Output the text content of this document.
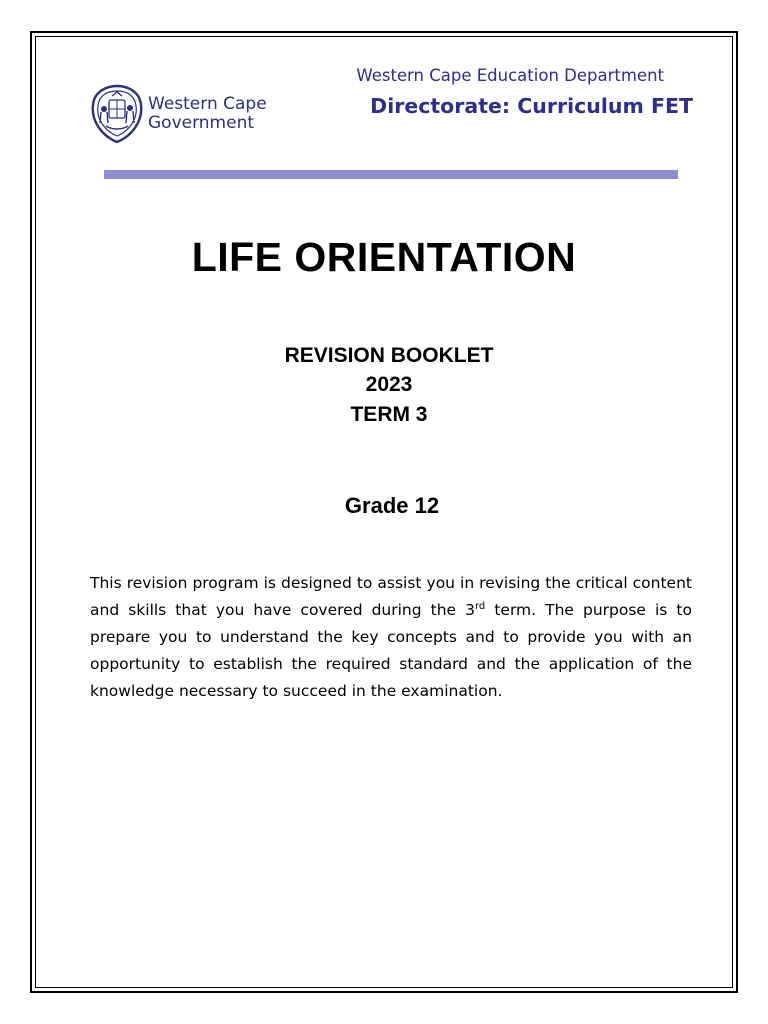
Western Cape
Government
Western Cape Education Department
Directorate: Curriculum FET
LIFE ORIENTATION
REVISION BOOKLET
2023
TERM 3
Grade 12

This revision program is designed to assist you in revising the critical content and skills that you have covered during the 3rd term. The purpose is to prepare you to understand the key concepts and to provide you with an opportunity to establish the required standard and the application of the knowledge necessary to succeed in the examination.
